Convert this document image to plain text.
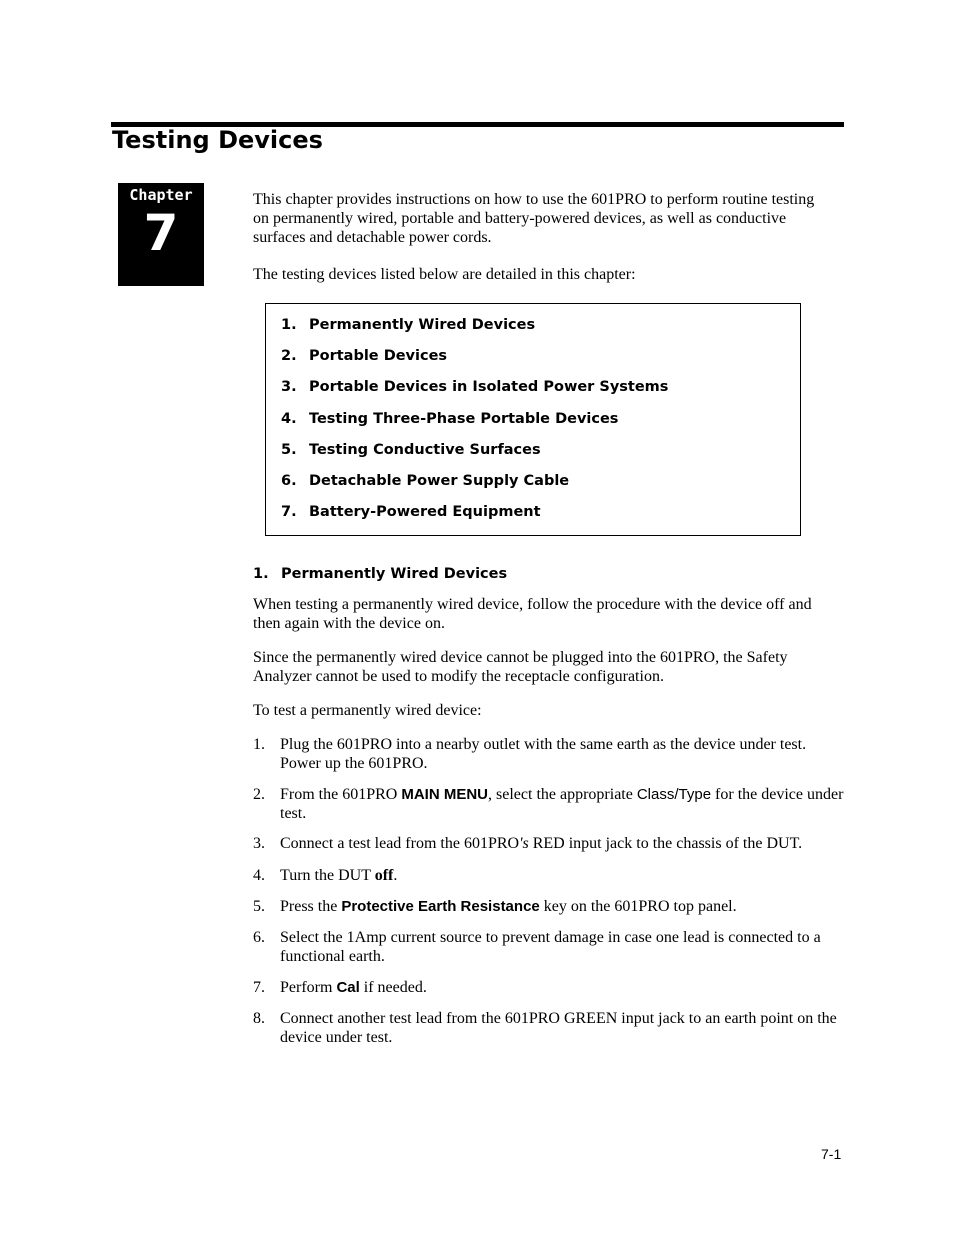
Testing Devices
Chapter
7

This chapter provides instructions on how to use the 601PRO to perform routine testing on permanently wired, portable and battery-powered devices, as well as conductive surfaces and detachable power cords.

The testing devices listed below are detailed in this chapter:

1. Permanently Wired Devices
2. Portable Devices
3. Portable Devices in Isolated Power Systems
4. Testing Three-Phase Portable Devices
5. Testing Conductive Surfaces
6. Detachable Power Supply Cable
7. Battery-Powered Equipment
1. Permanently Wired Devices

When testing a permanently wired device, follow the procedure with the device off and then again with the device on.

Since the permanently wired device cannot be plugged into the 601PRO, the Safety Analyzer cannot be used to modify the receptacle configuration.

To test a permanently wired device:

1. Plug the 601PRO into a nearby outlet with the same earth as the device under test. Power up the 601PRO.
2. From the 601PRO MAIN MENU, select the appropriate Class/Type for the device under test.
3. Connect a test lead from the 601PRO's RED input jack to the chassis of the DUT.
4. Turn the DUT off.
5. Press the Protective Earth Resistance key on the 601PRO top panel.
6. Select the 1Amp current source to prevent damage in case one lead is connected to a functional earth.
7. Perform Cal if needed.
8. Connect another test lead from the 601PRO GREEN input jack to an earth point on the device under test.
7-1
